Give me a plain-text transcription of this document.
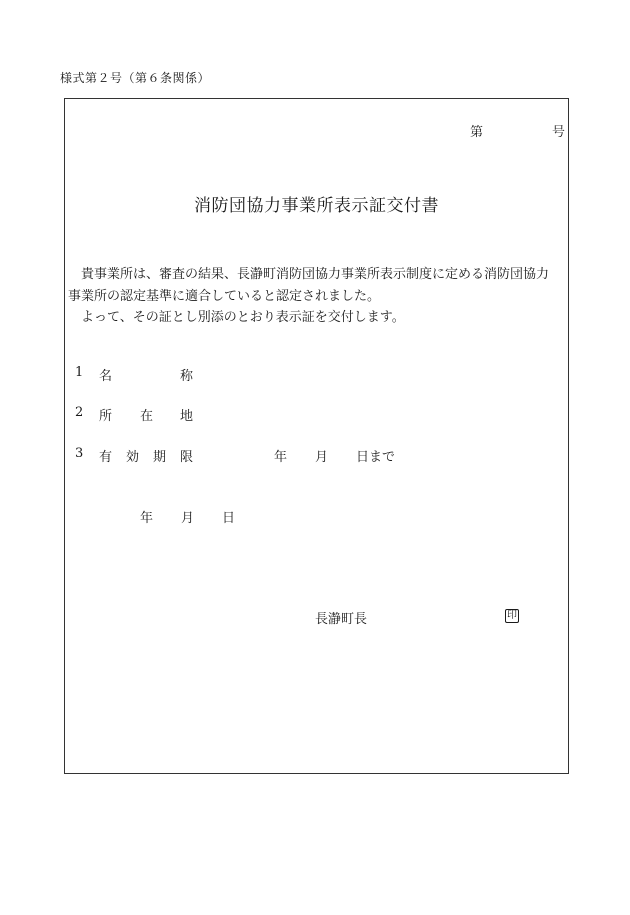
様式第２号（第６条関係）
第	号
消防団協力事業所表示証交付書
　貴事業所は、審査の結果、長瀞町消防団協力事業所表示制度に定める消防団協力
事業所の認定基準に適合していると認定されました。
　よって、その証とし別添のとおり表示証を交付します。
1 名	称
2 所 在 地
3 有 効 期 限	年 月 日まで
年 月 日
長瀞町長	印
